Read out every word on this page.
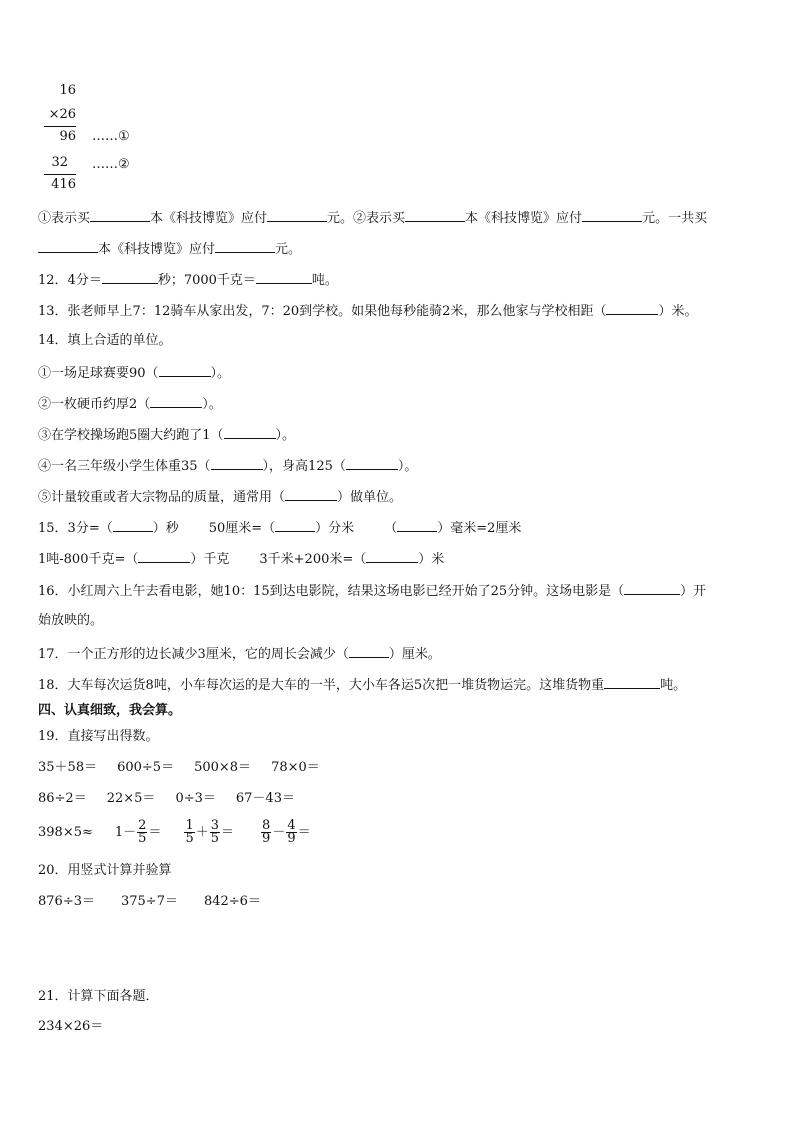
16
×26
96 ……①
32 ……②
416
①表示买	本《科技博览》应付	元。②表示买	本《科技博览》应付	元。一共买
本《科技博览》应付	元。
12．4分＝	秒；7000千克＝	吨。
13．张老师早上7：12骑车从家出发，7：20到学校。如果他每秒能骑2米，那么他家与学校相距（	）米。
14．填上合适的单位。
①一场足球赛要90（	）。
②一枚硬币约厚2（	）。
③在学校操场跑5圈大约跑了1（	）。
④一名三年级小学生体重35（	），身高125（	）。
⑤计量较重或者大宗物品的质量，通常用（	）做单位。
15．3分=（	）秒 50厘米=（	）分米 （	）毫米=2厘米
1吨-800千克=（	）千克 3千米+200米=（	）米
16．小红周六上午去看电影，她10：15到达电影院，结果这场电影已经开始了25分钟。这场电影是（	）开
始放映的。
17．一个正方形的边长减少3厘米，它的周长会减少（	）厘米。
18．大车每次运货8吨，小车每次运的是大车的一半，大小车各运5次把一堆货物运完。这堆货物重	吨。
四、认真细致，我会算。
19．直接写出得数。
35＋58＝ 600÷5＝ 500×8＝ 78×0＝
86÷2＝ 22×5＝ 0÷3＝ 67－43＝
$398\times 5\approx 1- \frac{2}{5} = \frac{1}{5} + \frac{3}{5} = \frac{8}{9} - \frac{4}{9}$ ＝
20．用竖式计算并验算
876÷3＝ 375÷7＝ 842÷6＝
21．计算下面各题．
234×26＝
